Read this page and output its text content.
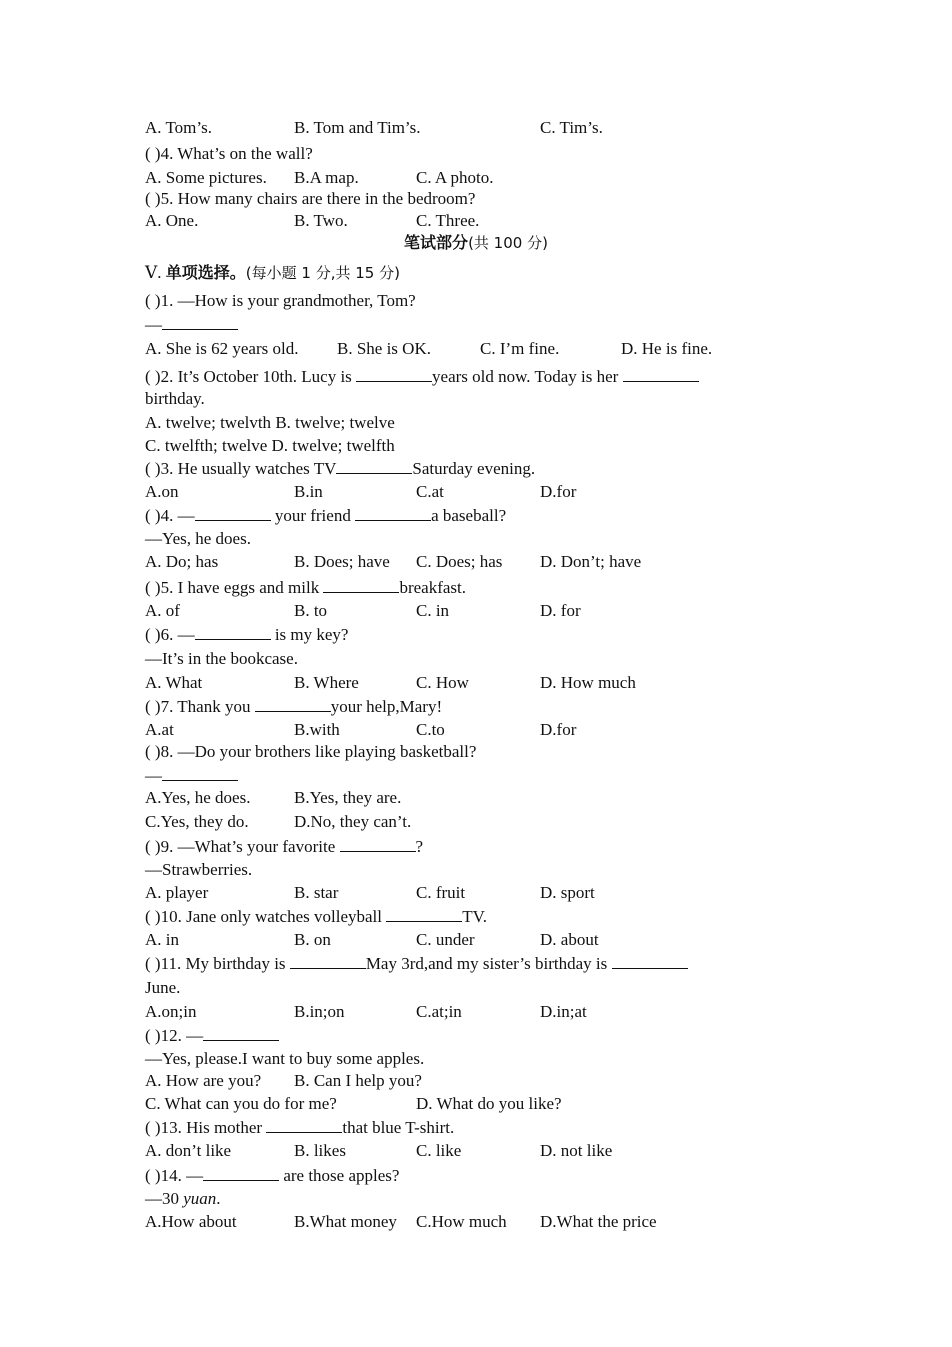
A. Tom’s.	B. Tom and Tim’s.	C. Tim’s.
( )4. What’s on the wall?
A. Some pictures. B.A map.	C. A photo.
( )5. How many chairs are there in the bedroom?
A. One.	B. Two.	C. Three.
笔试部分(共 100 分)
Ⅴ. 单项选择。(每小题 1 分,共 15 分)
( )1. —How is your grandmother, Tom?
—
A. She is 62 years old. B. She is OK.	C. I’m fine.	D. He is fine.
( )2. It’s October 10th. Lucy is	years old now. Today is her
birthday.
A. twelve; twelvth B. twelve; twelve
C. twelfth; twelve D. twelve; twelfth
( )3. He usually watches TV	Saturday evening.
A.on	B.in	C.at	D.for
( )4. —	your friend	a baseball?
—Yes, he does.
A. Do; has	B. Does; have C. Does; has D. Don’t; have
( )5. I have eggs and milk	breakfast.
A. of	B. to	C. in	D. for
( )6. —	is my key?
—It’s in the bookcase.
A. What	B. Where	C. How	D. How much
( )7. Thank you	your help,Mary!
A.at	B.with	C.to	D.for
( )8. —Do your brothers like playing basketball?
—
A.Yes, he does.	B.Yes, they are.
C.Yes, they do.	D.No, they can’t.
( )9. —What’s your favorite	?
—Strawberries.
A. player	B. star	C. fruit	D. sport
( )10. Jane only watches volleyball	TV.
A. in	B. on	C. under	D. about
( )11. My birthday is	May 3rd,and my sister’s birthday is
June.
A.on;in	B.in;on	C.at;in	D.in;at
( )12. —
—Yes, please.I want to buy some apples.
A. How are you? B. Can I help you?
C. What can you do for me?	D. What do you like?
( )13. His mother	that blue T-shirt.
A. don’t like	B. likes	C. like	D. not like
( )14. —	are those apples?
—30 yuan.
A.How about	B.What money C.How much D.What the price
